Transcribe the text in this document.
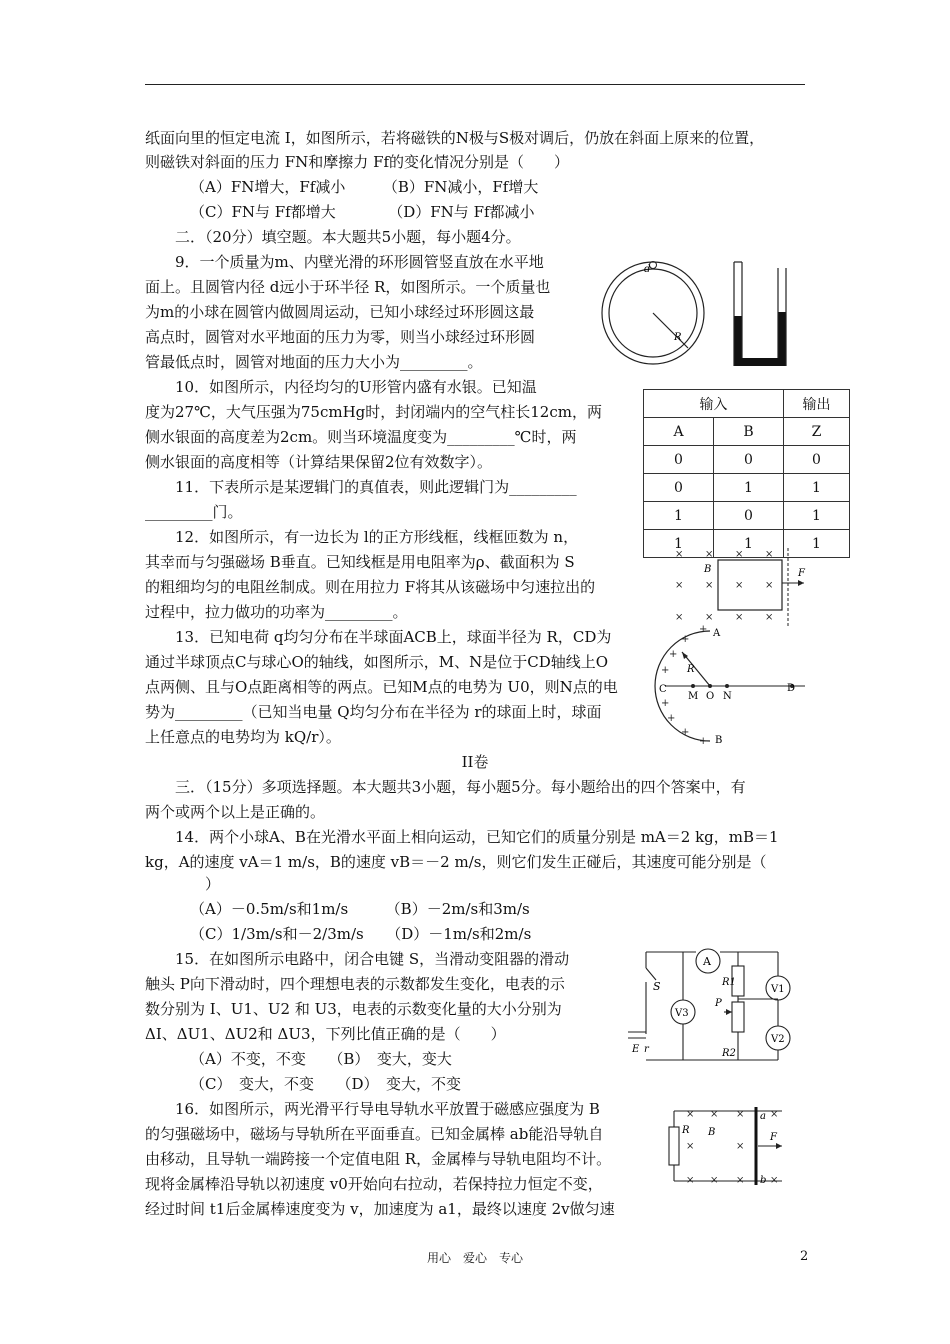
纸面向里的恒定电流 I，如图所示，若将磁铁的N极与S极对调后，仍放在斜面上原来的位置，
则磁铁对斜面的压力 FN和摩擦力 Ff的变化情况分别是（　　）
（A）FN增大，Ff减小　　　（B）FN减小，Ff增大
（C）FN与 Ff都增大　　　　（D）FN与 Ff都减小
二．（20分）填空题。本大题共5小题，每小题4分。
9．一个质量为m、内壁光滑的环形圆管竖直放在水平地
面上。且圆管内径 d远小于环半径 R，如图所示。一个质量也
为m的小球在圆管内做圆周运动，已知小球经过环形圆这最
高点时，圆管对水平地面的压力为零，则当小球经过环形圆
管最低点时，圆管对地面的压力大小为_________。
10．如图所示，内径均匀的U形管内盛有水银。已知温
度为27℃，大气压强为75cmHg时，封闭端内的空气柱长12cm，两
侧水银面的高度差为2cm。则当环境温度变为_________℃时，两
侧水银面的高度相等（计算结果保留2位有效数字）。
11．下表所示是某逻辑门的真值表，则此逻辑门为_________
_________门。
12．如图所示，有一边长为 l的正方形线框，线框匝数为 n，
其幸而与匀强磁场 B垂直。已知线框是用电阻率为ρ、截面积为 S
的粗细均匀的电阻丝制成。则在用拉力 F将其从该磁场中匀速拉出的
过程中，拉力做功的功率为_________。
13．已知电荷 q均匀分布在半球面ACB上，球面半径为 R，CD为
通过半球顶点C与球心O的轴线，如图所示，M、N是位于CD轴线上O
点两侧、且与O点距离相等的两点。已知M点的电势为 U0，则N点的电
势为_________（已知当电量 Q均匀分布在半径为 r的球面上时，球面
上任意点的电势均为 kQ/r）。
II卷
三．（15分）多项选择题。本大题共3小题，每小题5分。每小题给出的四个答案中，有
两个或两个以上是正确的。
14．两个小球A、B在光滑水平面上相向运动，已知它们的质量分别是 mA＝2 kg，mB＝1
kg，A的速度 vA＝1 m/s，B的速度 vB＝－2 m/s，则它们发生正碰后，其速度可能分别是（
）
（A）－0.5m/s和1m/s　　　（B）－2m/s和3m/s
（C）1/3m/s和－2/3m/s　　（D）－1m/s和2m/s
15．在如图所示电路中，闭合电键 S，当滑动变阻器的滑动
触头 P向下滑动时，四个理想电表的示数都发生变化，电表的示
数分别为 I、U1、U2 和 U3，电表的示数变化量的大小分别为
ΔI、ΔU1、ΔU2和 ΔU3，下列比值正确的是（　　）
（A）不变，不变　　（B）　变大，变大
（C）　变大，不变　　（D）　变大，不变
16．如图所示，两光滑平行导电导轨水平放置于磁感应强度为 B
的匀强磁场中，磁场与导轨所在平面垂直。已知金属棒 ab能沿导轨自
由移动，且导轨一端跨接一个定值电阻 R，金属棒与导轨电阻均不计。
现将金属棒沿导轨以初速度 v0开始向右拉动，若保持拉力恒定不变，
经过时间 t1后金属棒速度变为 v，加速度为 a1，最终以速度 2v做匀速
d
R
输入		输出
A	B	Z
0	0	0
0	1	1
1	0	1
1	1	1
× × × ×
× × × ×
× × × ×
B	F
+
+
+
+
+
+
+
+
A
B
R
C
M O N
D
A
S	R1
V1
V3
P
V2
E r	R2
× × ×
×	×
× × ×
×
×
R B
a
F
b
用心　爱心　专心	2
